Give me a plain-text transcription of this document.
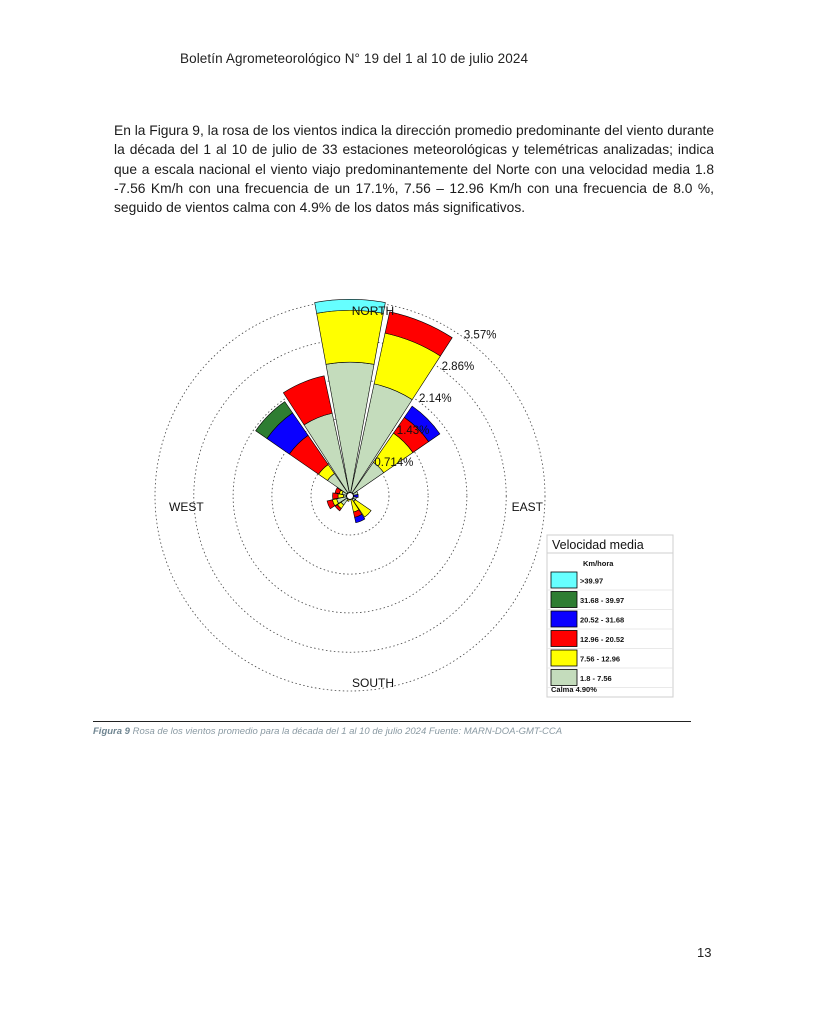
Boletín Agrometeorológico N° 19 del 1 al 10 de julio 2024
En la Figura 9, la rosa de los vientos indica la dirección promedio predominante del viento durante la década del 1 al 10 de julio de 33 estaciones meteorológicas y telemétricas analizadas; indica que a escala nacional el viento viajo predominantemente del Norte con una velocidad media 1.8 -7.56 Km/h con una frecuencia de un 17.1%, 7.56 – 12.96 Km/h con una frecuencia de 8.0 %, seguido de vientos calma con 4.9% de los datos más significativos.
0.714%
1.43%
2.14%
2.86%
3.57%
NORTH
EAST
SOUTH
WEST
Velocidad media
Km/hora
>39.97
31.68 - 39.97
20.52 - 31.68
12.96 - 20.52
7.56 - 12.96
1.8 - 7.56
Calma 4.90%
Figura 9 Rosa de los vientos promedio para la década del 1 al 10 de julio 2024 Fuente: MARN-DOA-GMT-CCA
13
